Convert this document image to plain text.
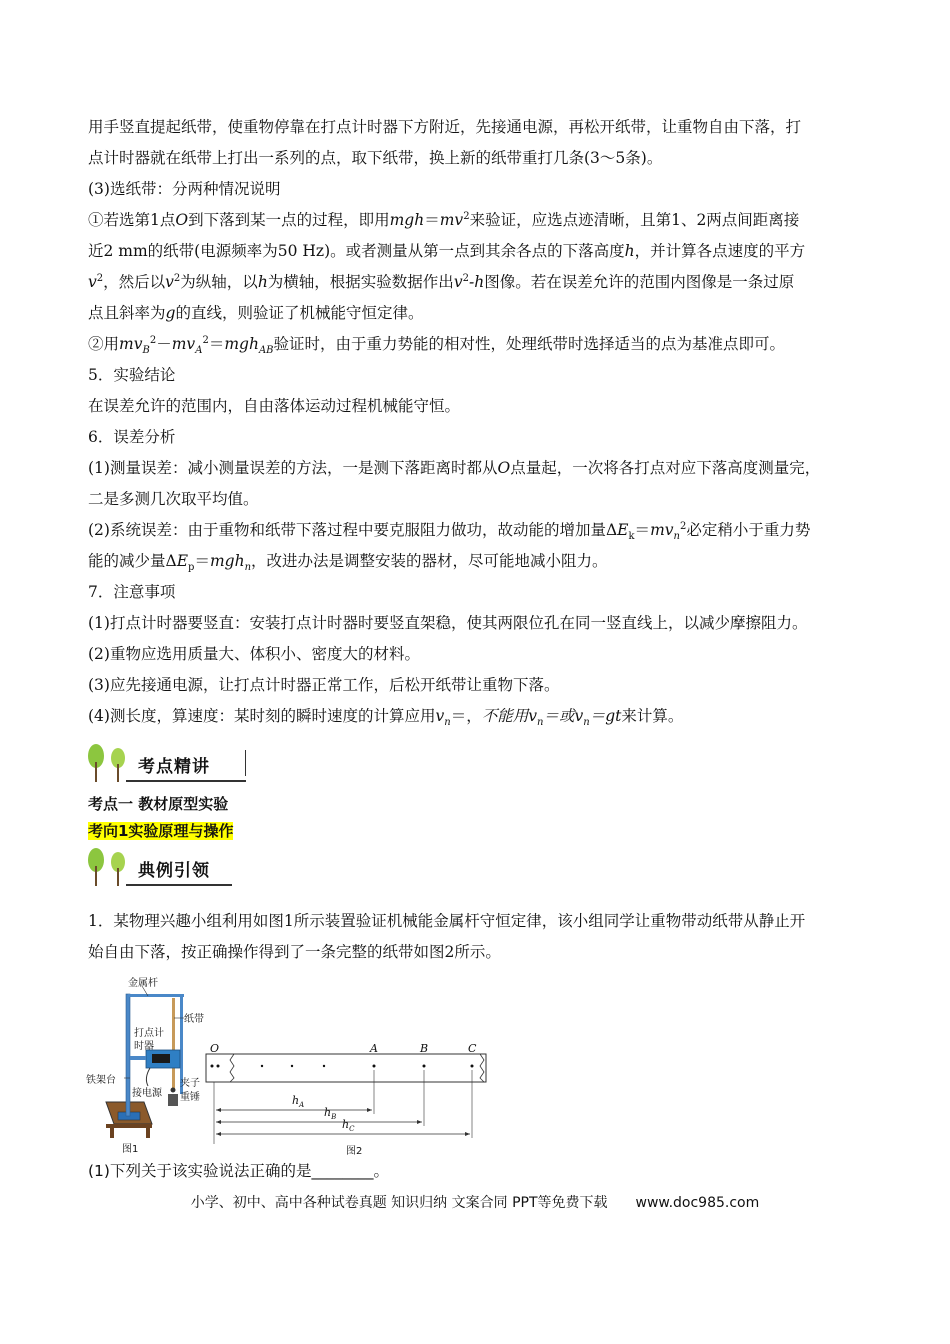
用手竖直提起纸带，使重物停靠在打点计时器下方附近，先接通电源，再松开纸带，让重物自由下落，打

点计时器就在纸带上打出一系列的点，取下纸带，换上新的纸带重打几条(3～5条)。

(3)选纸带：分两种情况说明

①若选第1点O到下落到某一点的过程，即用$mgh=mv^2$来验证，应选点迹清晰，且第1、2两点间距离接

近2 mm的纸带(电源频率为50 Hz)。或者测量从第一点到其余各点的下落高度h，并计算各点速度的平方

$v^2$，然后以$v^2$为纵轴，以h为横轴，根据实验数据作出$v^2-h$图像。若在误差允许的范围内图像是一条过原

点且斜率为g的直线，则验证了机械能守恒定律。

②用$mv_B^2-mv_A^2=mgh_{AB}$验证时，由于重力势能的相对性，处理纸带时选择适当的点为基准点即可。

5．实验结论

在误差允许的范围内，自由落体运动过程机械能守恒。

6．误差分析

(1)测量误差：减小测量误差的方法，一是测下落距离时都从O点量起，一次将各打点对应下落高度测量完，

二是多测几次取平均值。

(2)系统误差：由于重物和纸带下落过程中要克服阻力做功，故动能的增加量$\Delta E_k=mv_n^2$必定稍小于重力势

能的减少量$\Delta E_p=mgh_n$，改进办法是调整安装的器材，尽可能地减小阻力。

7．注意事项

(1)打点计时器要竖直：安装打点计时器时要竖直架稳，使其两限位孔在同一竖直线上，以减少摩擦阻力。

(2)重物应选用质量大、体积小、密度大的材料。

(3)应先接通电源，让打点计时器正常工作，后松开纸带让重物下落。

(4)测长度，算速度：某时刻的瞬时速度的计算应用$v_n=$，不能用$v_n=$或$v_n=gt$来计算。

考点精讲

考点一 教材原型实验

考向1实验原理与操作

典例引领

1．某物理兴趣小组利用如图1所示装置验证机械能金属杆守恒定律，该小组同学让重物带动纸带从静止开

始自由下落，按正确操作得到了一条完整的纸带如图2所示。

金属杆
纸带
打点计
时器
铁架台
接电源
夹子
重锤
图1	图2
O	A	B	C
$h_A$
$h_B$
$h_C$

(1)下列关于该实验说法正确的是________。

小学、初中、高中各种试卷真题 知识归纳 文案合同 PPT等免费下载 www.doc985.com
